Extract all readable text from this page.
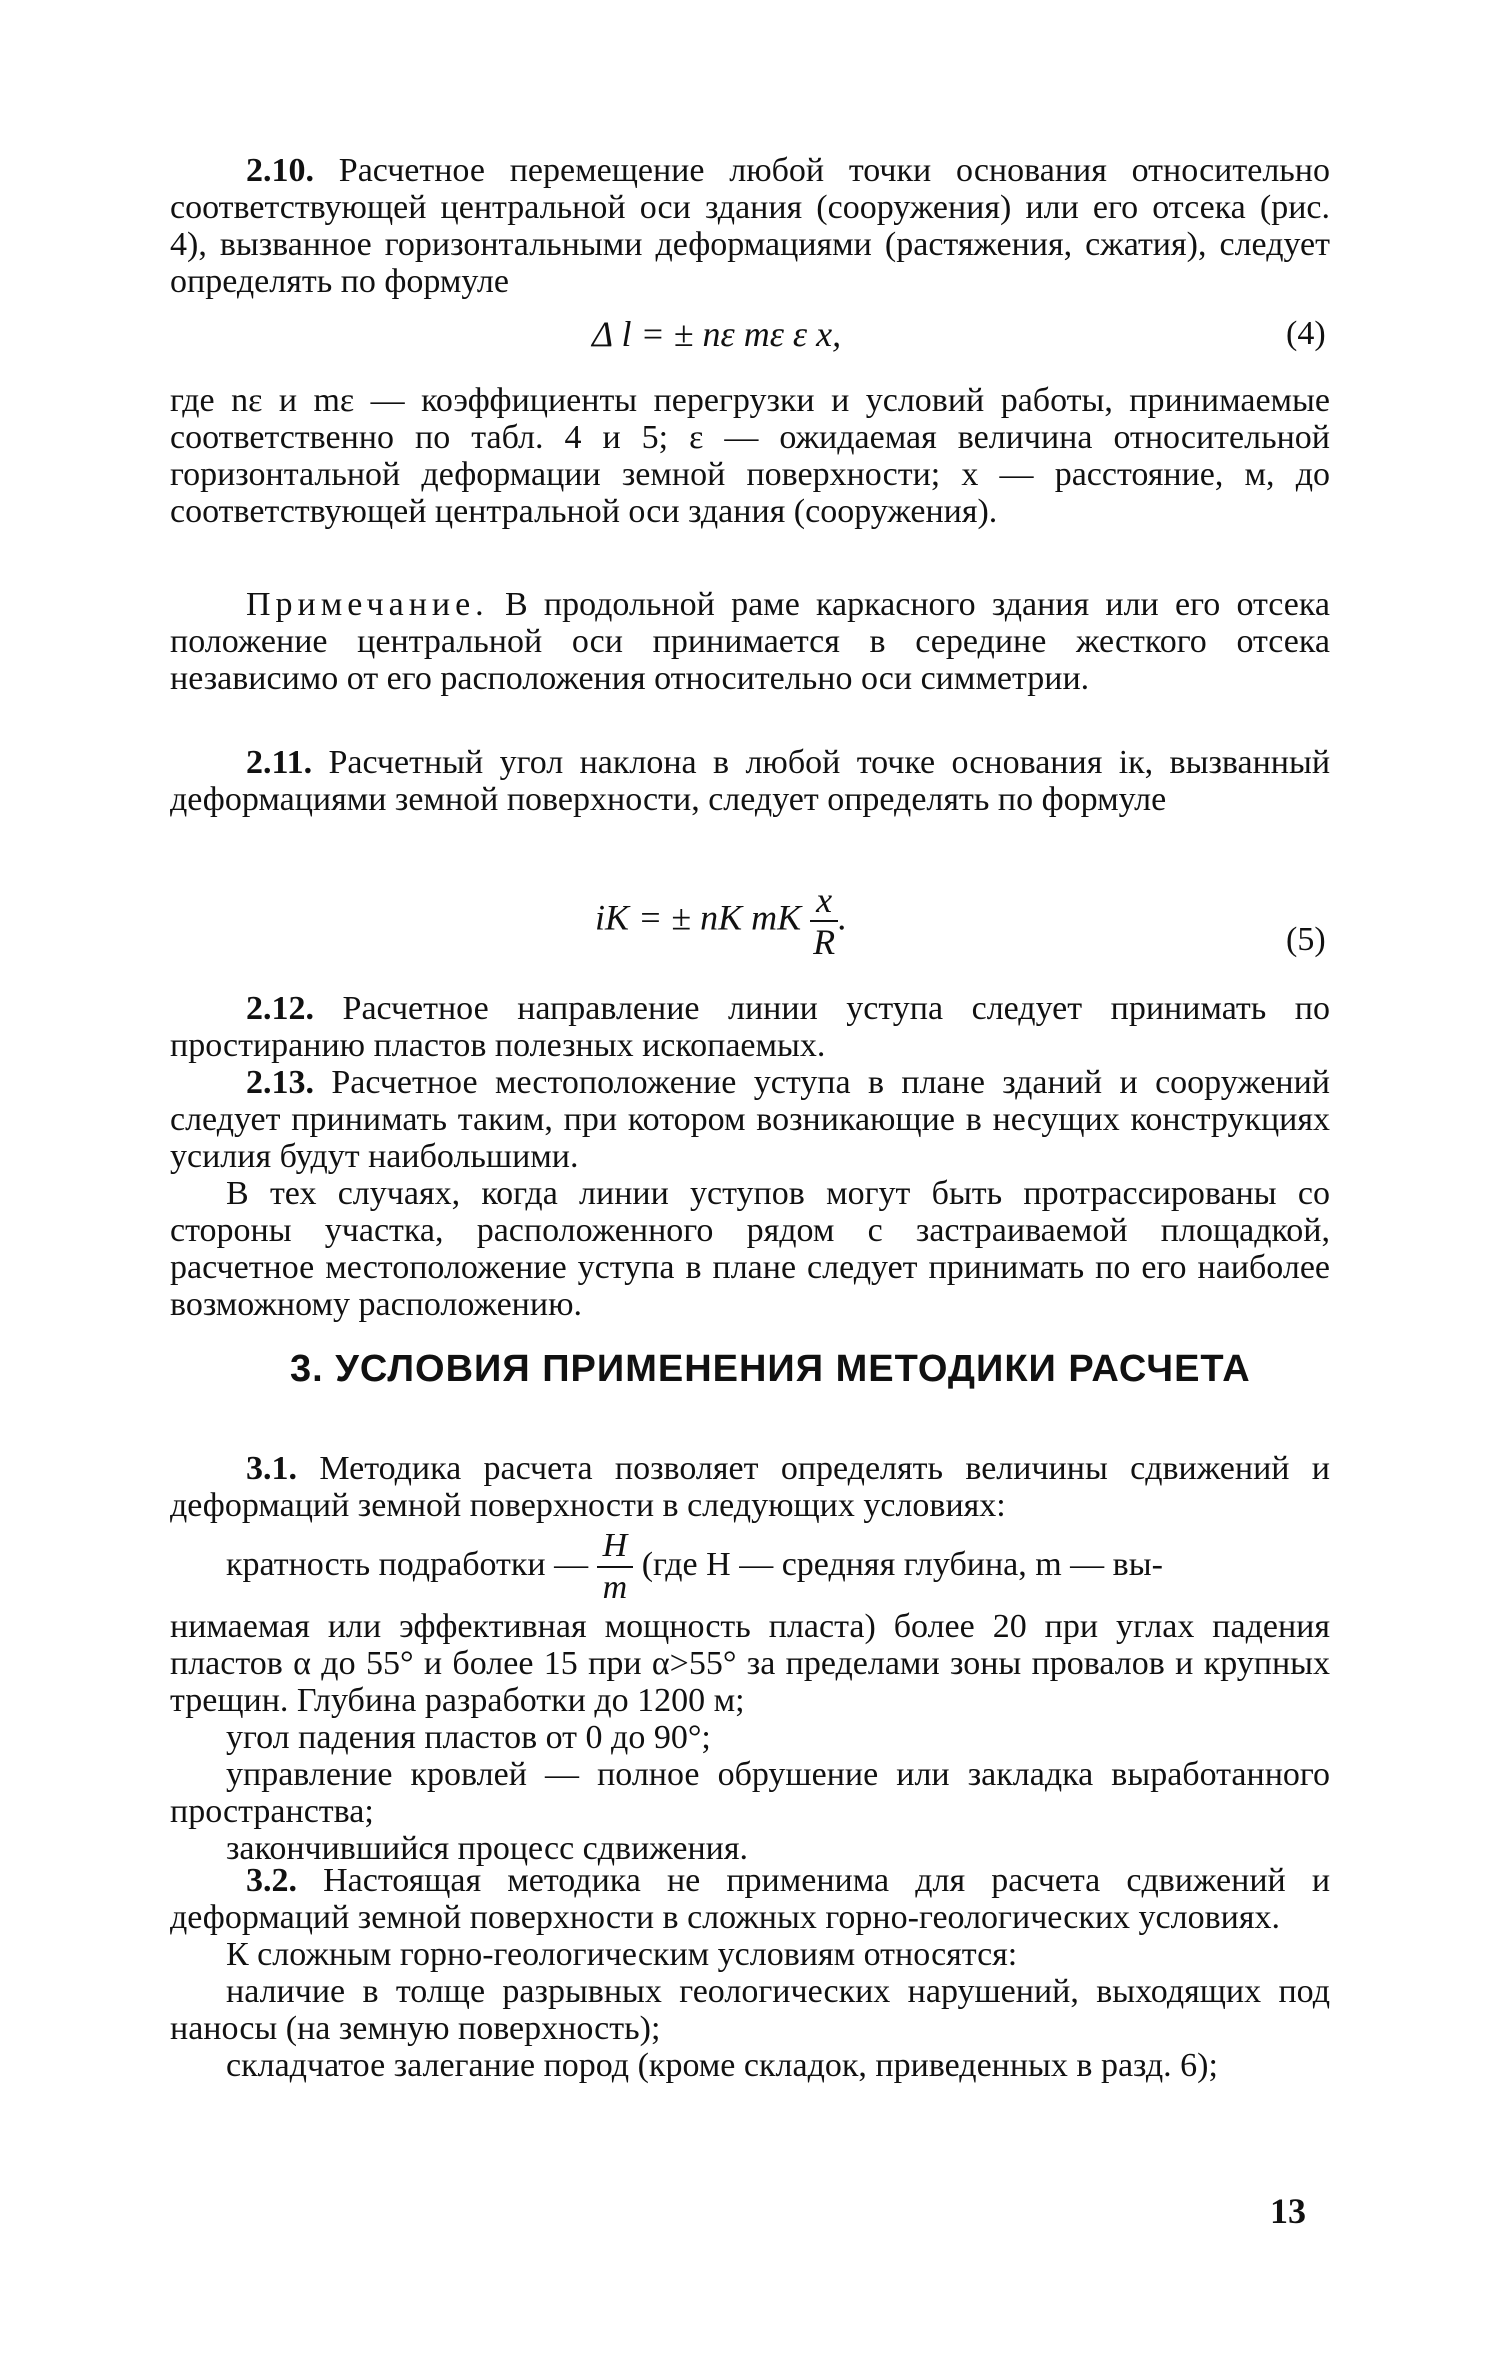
2.10. Расчетное перемещение любой точки основания относительно соответствующей центральной оси здания (сооружения) или его отсека (рис. 4), вызванное горизонтальными деформациями (растяжения, сжатия), следует определять по формуле

Δ l = ± nε mε ε x,	(4)

где nε и mε — коэффициенты перегрузки и условий работы, принимаемые соответственно по табл. 4 и 5; ε — ожидаемая величина относительной горизонтальной деформации земной поверхности; x — расстояние, м, до соответствующей центральной оси здания (сооружения).

Примечание. В продольной раме каркасного здания или его отсека положение центральной оси принимается в середине жесткого отсека независимо от его расположения относительно оси симметрии.

2.11. Расчетный угол наклона в любой точке основания iк, вызванный деформациями земной поверхности, следует определять по формуле

iK = ± nK mK $\frac{x}{R}$ .
(5)

2.12. Расчетное направление линии уступа следует принимать по простиранию пластов полезных ископаемых.

2.13. Расчетное местоположение уступа в плане зданий и сооружений следует принимать таким, при котором возникающие в несущих конструкциях усилия будут наибольшими.

В тех случаях, когда линии уступов могут быть протрассированы со стороны участка, расположенного рядом с застраиваемой площадкой, расчетное местоположение уступа в плане следует принимать по его наиболее возможному расположению.

3. УСЛОВИЯ ПРИМЕНЕНИЯ МЕТОДИКИ РАСЧЕТА

3.1. Методика расчета позволяет определять величины сдвижений и деформаций земной поверхности в следующих условиях:

кратность подработки — $\frac{H}{m} (где$ H — средняя глубина, m — вы-

нимаемая или эффективная мощность пласта) более 20 при углах падения пластов α до 55° и более 15 при α>55° за пределами зоны провалов и крупных трещин. Глубина разработки до 1200 м;

угол падения пластов от 0 до 90°;

управление кровлей — полное обрушение или закладка выработанного пространства;

закончившийся процесс сдвижения.

3.2. Настоящая методика не применима для расчета сдвижений и деформаций земной поверхности в сложных горно-геологических условиях.

К сложным горно-геологическим условиям относятся:

наличие в толще разрывных геологических нарушений, выходящих под наносы (на земную поверхность);

складчатое залегание пород (кроме складок, приведенных в разд. 6);

13
